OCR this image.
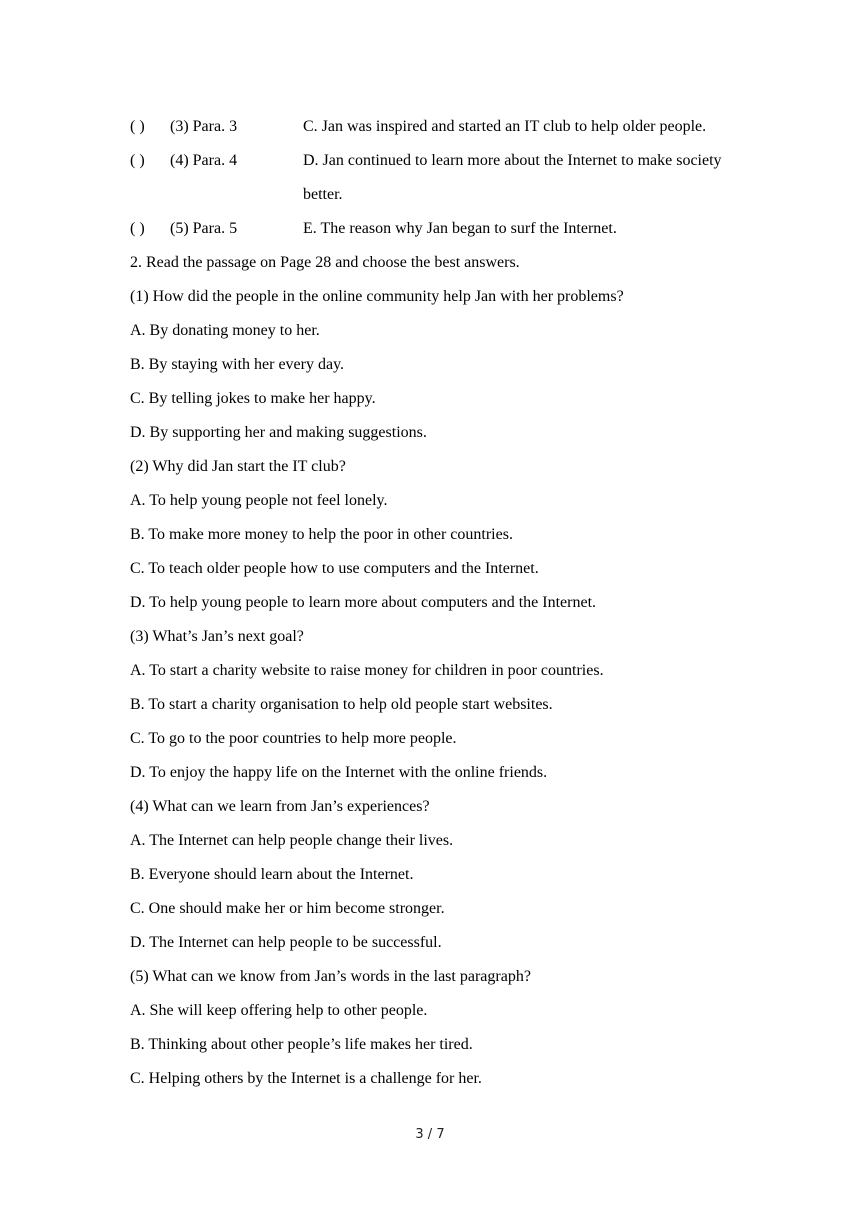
( )	(3) Para. 3	C. Jan was inspired and started an IT club to help older people.
( )	(4) Para. 4	D. Jan continued to learn more about the Internet to make society better.
( )	(5) Para. 5	E. The reason why Jan began to surf the Internet.
2. Read the passage on Page 28 and choose the best answers.
(1) How did the people in the online community help Jan with her problems?
A. By donating money to her.
B. By staying with her every day.
C. By telling jokes to make her happy.
D. By supporting her and making suggestions.
(2) Why did Jan start the IT club?
A. To help young people not feel lonely.
B. To make more money to help the poor in other countries.
C. To teach older people how to use computers and the Internet.
D. To help young people to learn more about computers and the Internet.
(3) What’s Jan’s next goal?
A. To start a charity website to raise money for children in poor countries.
B. To start a charity organisation to help old people start websites.
C. To go to the poor countries to help more people.
D. To enjoy the happy life on the Internet with the online friends.
(4) What can we learn from Jan’s experiences?
A. The Internet can help people change their lives.
B. Everyone should learn about the Internet.
C. One should make her or him become stronger.
D. The Internet can help people to be successful.
(5) What can we know from Jan’s words in the last paragraph?
A. She will keep offering help to other people.
B. Thinking about other people’s life makes her tired.
C. Helping others by the Internet is a challenge for her.
3 / 7
